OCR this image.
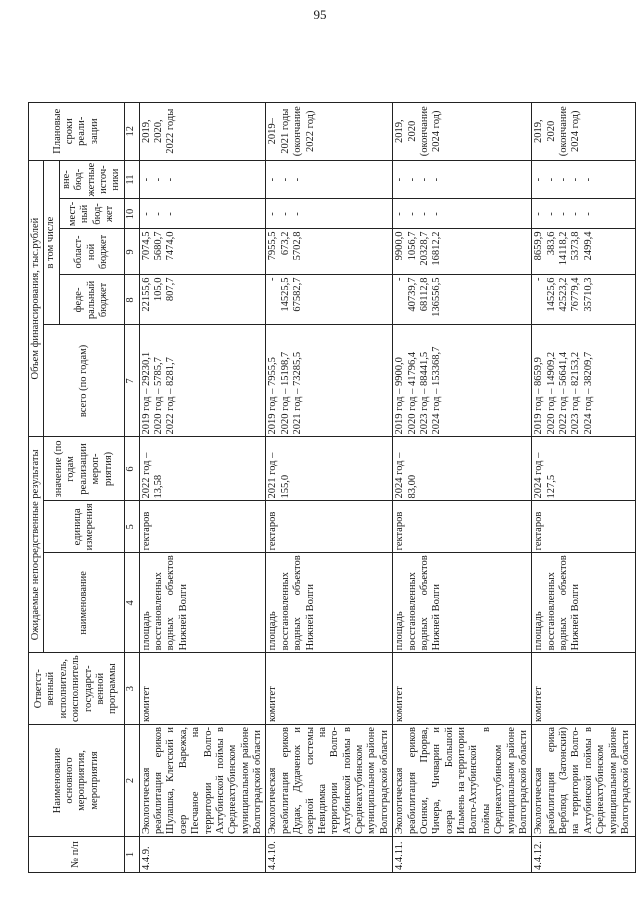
95
№ п/п	Наименование основного мероприятия, мероприятия	Ответст-венный исполнитель, соисполнитель государст-венной программы	Ожидаемые непосредственные результаты			Объем финансирования, тыс.рублей					Плановые сроки реали-зации
			наименование	единица измерения	значение (по годам реализации мероп-риятия)	всего (по годам)	в том числе				
							феде-ральный бюджет	област-ной бюджет	мест-ный бюд-жет	вне-бюд-жетные источ-ники	
1	2	3	4	5	6	7	8	9	10	11	12
4.4.9.	Экологическая реабилитация ериков Шулашка, Клетский и озер Варежка, Песчаное на территории Волго-Ахтубинской поймы в Среднеахтубинском муниципальном районе Волгоградской области	комитет	площадь восстановленных водных объектов Нижней Волги	гектаров	2022 год – 13,58	2019 год – 29230,1
2020 год – 5785,7
2022 год – 8281,7	22155,6
105,0
807,7	7074,5
5680,7
7474,0	-
-
-	-
-
-	2019,
2020,
2022 годы
4.4.10.	Экологическая реабилитация ериков Дудак, Дудаченок и озерной системы Невидимка на территории Волго-Ахтубинской поймы в Среднеахтубинском муниципальном районе Волгоградской области	комитет	площадь восстановленных водных объектов Нижней Волги	гектаров	2021 год – 155,0	2019 год – 7955,5
2020 год – 15198,7
2021 год – 73285,5	-
14525,5
67582,7	7955,5
673,2
5702,8	-
-
-	-
-
-	2019–
2021 годы
(окончание
2022 год)
4.4.11.	Экологическая реабилитация ериков Осинки, Прорва, Чичера, Чичварин и озера Большой Ильмень на территории Волго-Ахтубинской поймы в Среднеахтубинском муниципальном районе Волгоградской области	комитет	площадь восстановленных водных объектов Нижней Волги	гектаров	2024 год – 83,00	2019 год – 9900,0
2020 год – 41796,4
2023 год – 88441,5
2024 год – 153368,7	-
40739,7
68112,8
136556,5	9900,0
1056,7
20328,7
16812,2	-
-
-
-	-
-
-
-	2019,
2020
(окончание
2024 год)
4.4.12.	Экологическая реабилитация ерика Верблюд (Затонский) на территории Волго-Ахтубинской поймы в Среднеахтубинском муниципальном районе Волгоградской области	комитет	площадь восстановленных водных объектов Нижней Волги	гектаров	2024 год – 127,5	2019 год – 8659,9
2020 год – 14909,2
2022 год – 56641,4
2023 год – 82153,2
2024 год – 38209,7	-
14525,6
42523,2
76779,4
35710,3	8659,9
383,6
14118,2
5373,8
2499,4	-
-
-
-
-	-
-
-
-
-	2019,
2020
(окончание
2024 год)
